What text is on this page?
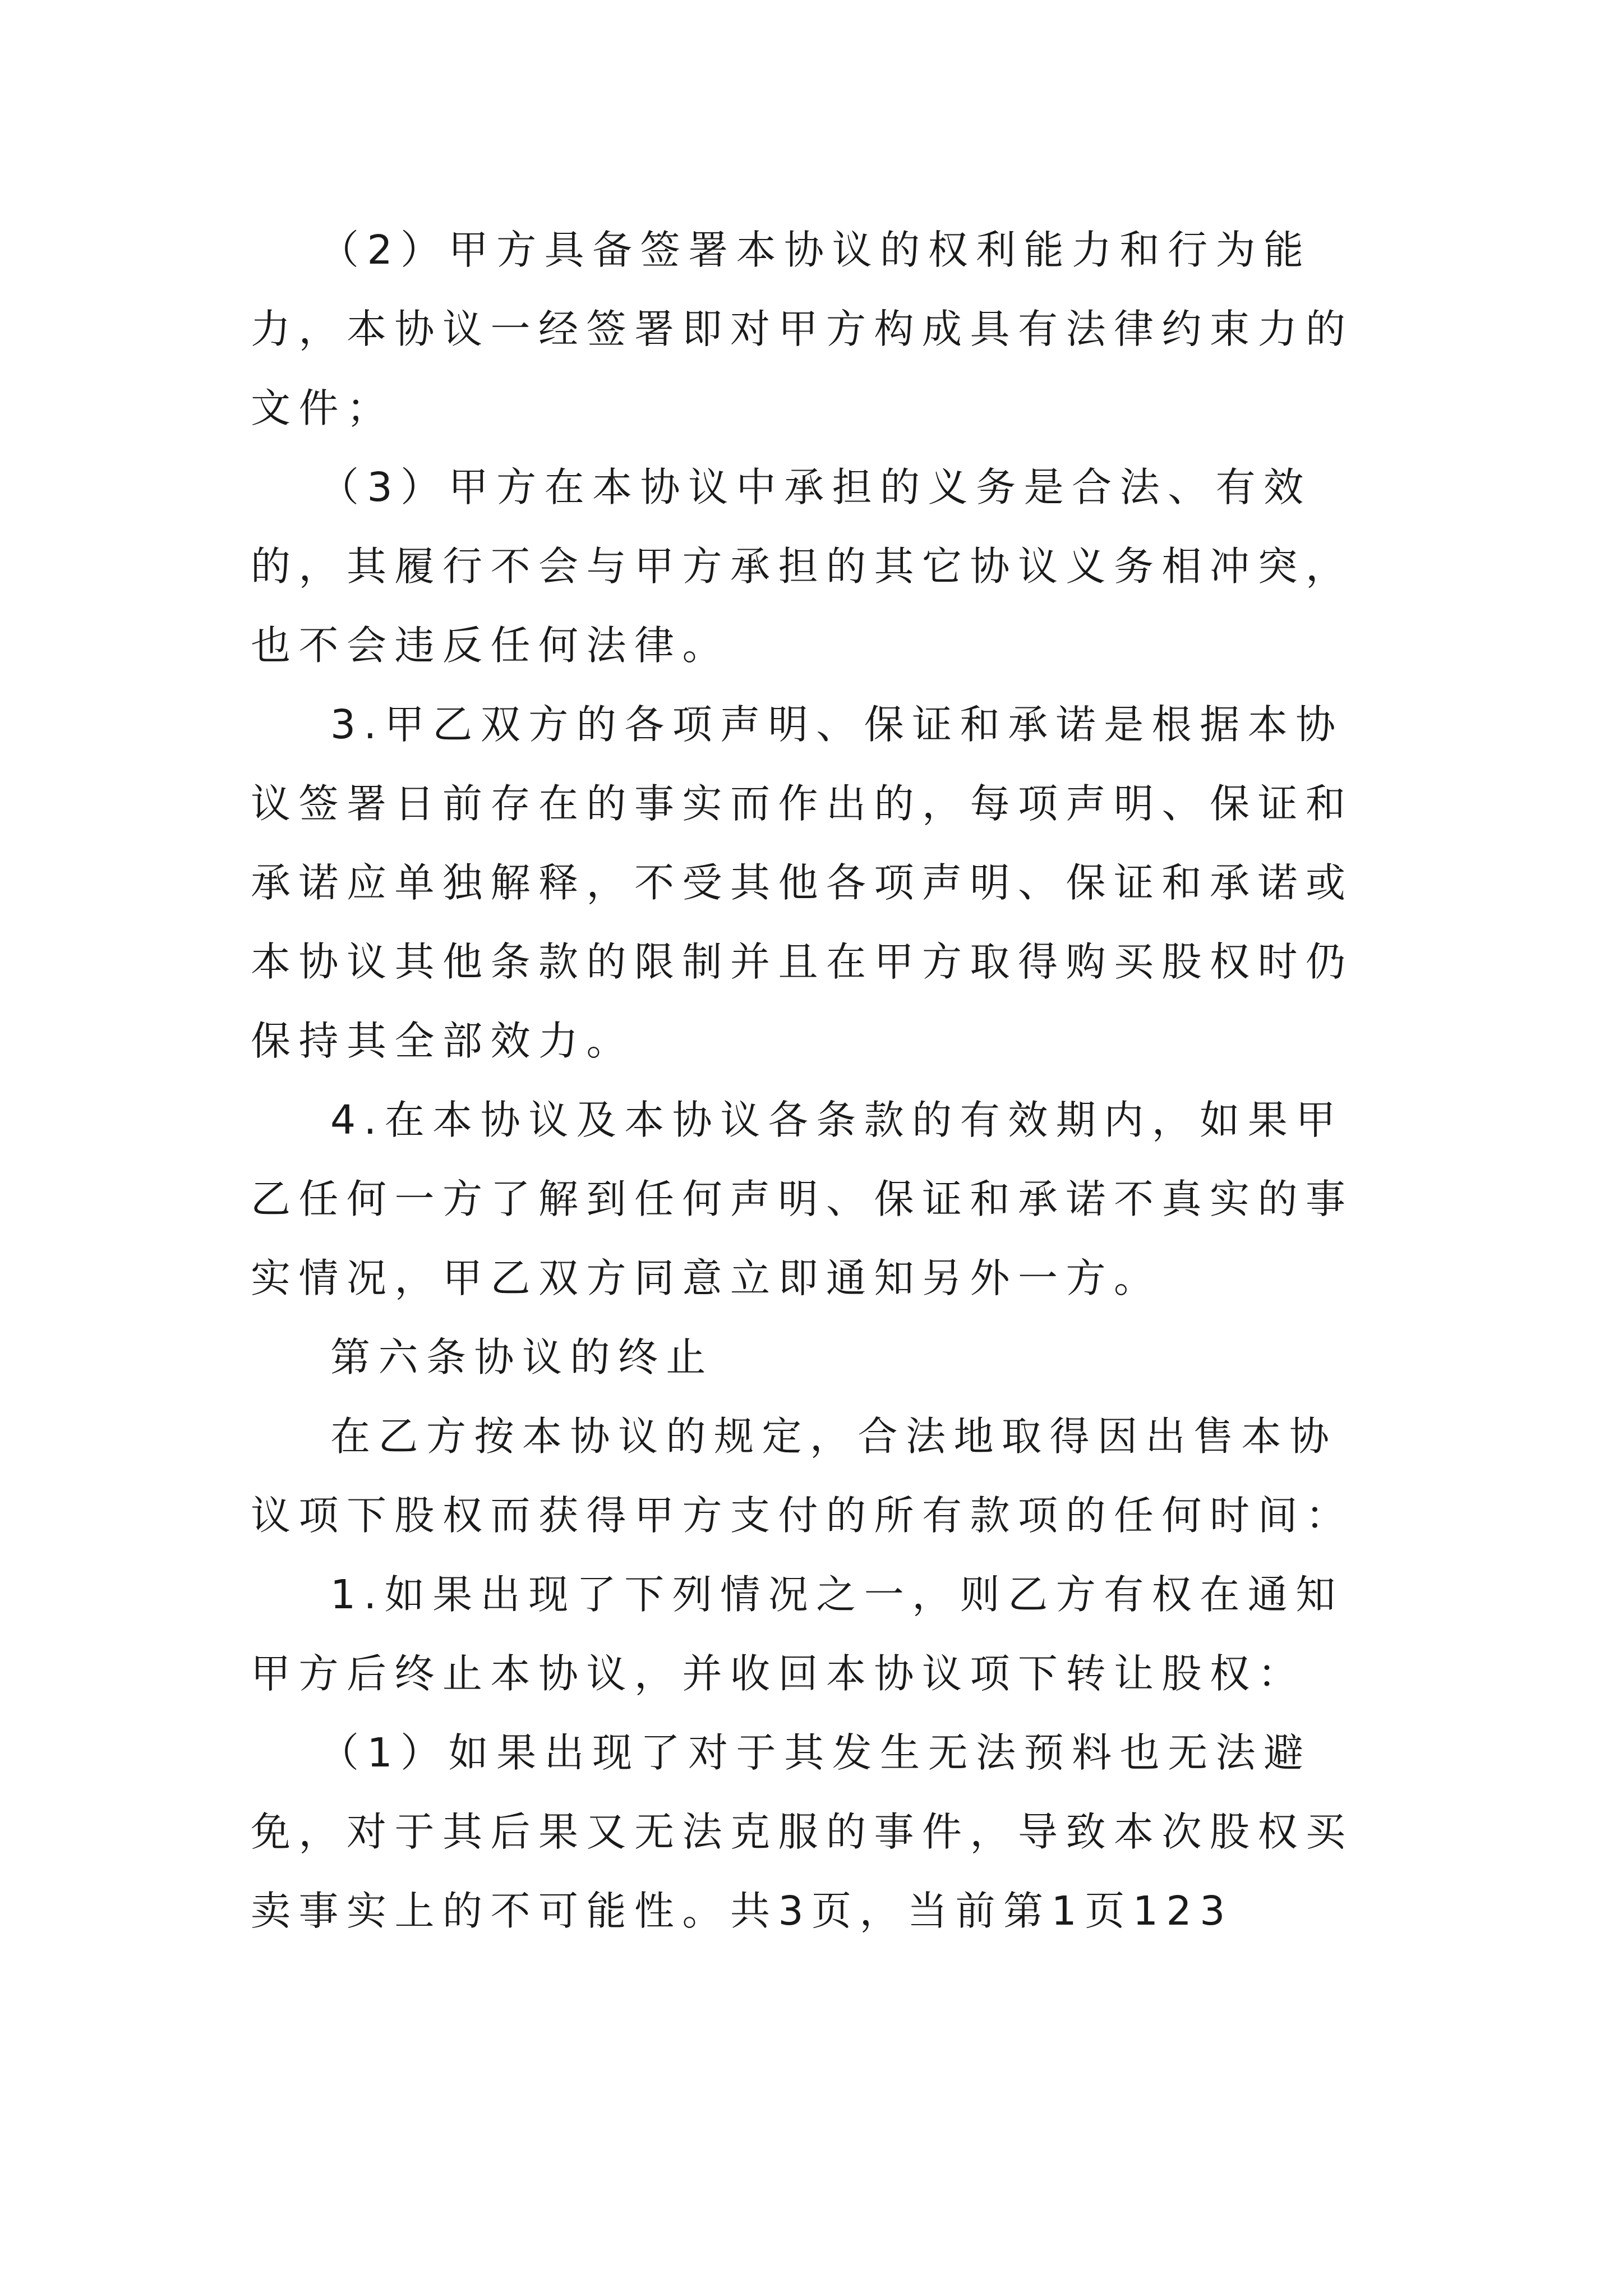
（2）甲方具备签署本协议的权利能力和行为能力，本协议一经签署即对甲方构成具有法律约束力的文件；

（3）甲方在本协议中承担的义务是合法、有效的，其履行不会与甲方承担的其它协议义务相冲突，也不会违反任何法律。

3.甲乙双方的各项声明、保证和承诺是根据本协议签署日前存在的事实而作出的，每项声明、保证和承诺应单独解释，不受其他各项声明、保证和承诺或本协议其他条款的限制并且在甲方取得购买股权时仍保持其全部效力。

4.在本协议及本协议各条款的有效期内，如果甲乙任何一方了解到任何声明、保证和承诺不真实的事实情况，甲乙双方同意立即通知另外一方。

第六条协议的终止

在乙方按本协议的规定，合法地取得因出售本协议项下股权而获得甲方支付的所有款项的任何时间：

1.如果出现了下列情况之一，则乙方有权在通知甲方后终止本协议，并收回本协议项下转让股权：

（1）如果出现了对于其发生无法预料也无法避免，对于其后果又无法克服的事件，导致本次股权买卖事实上的不可能性。共3页，当前第1页123
